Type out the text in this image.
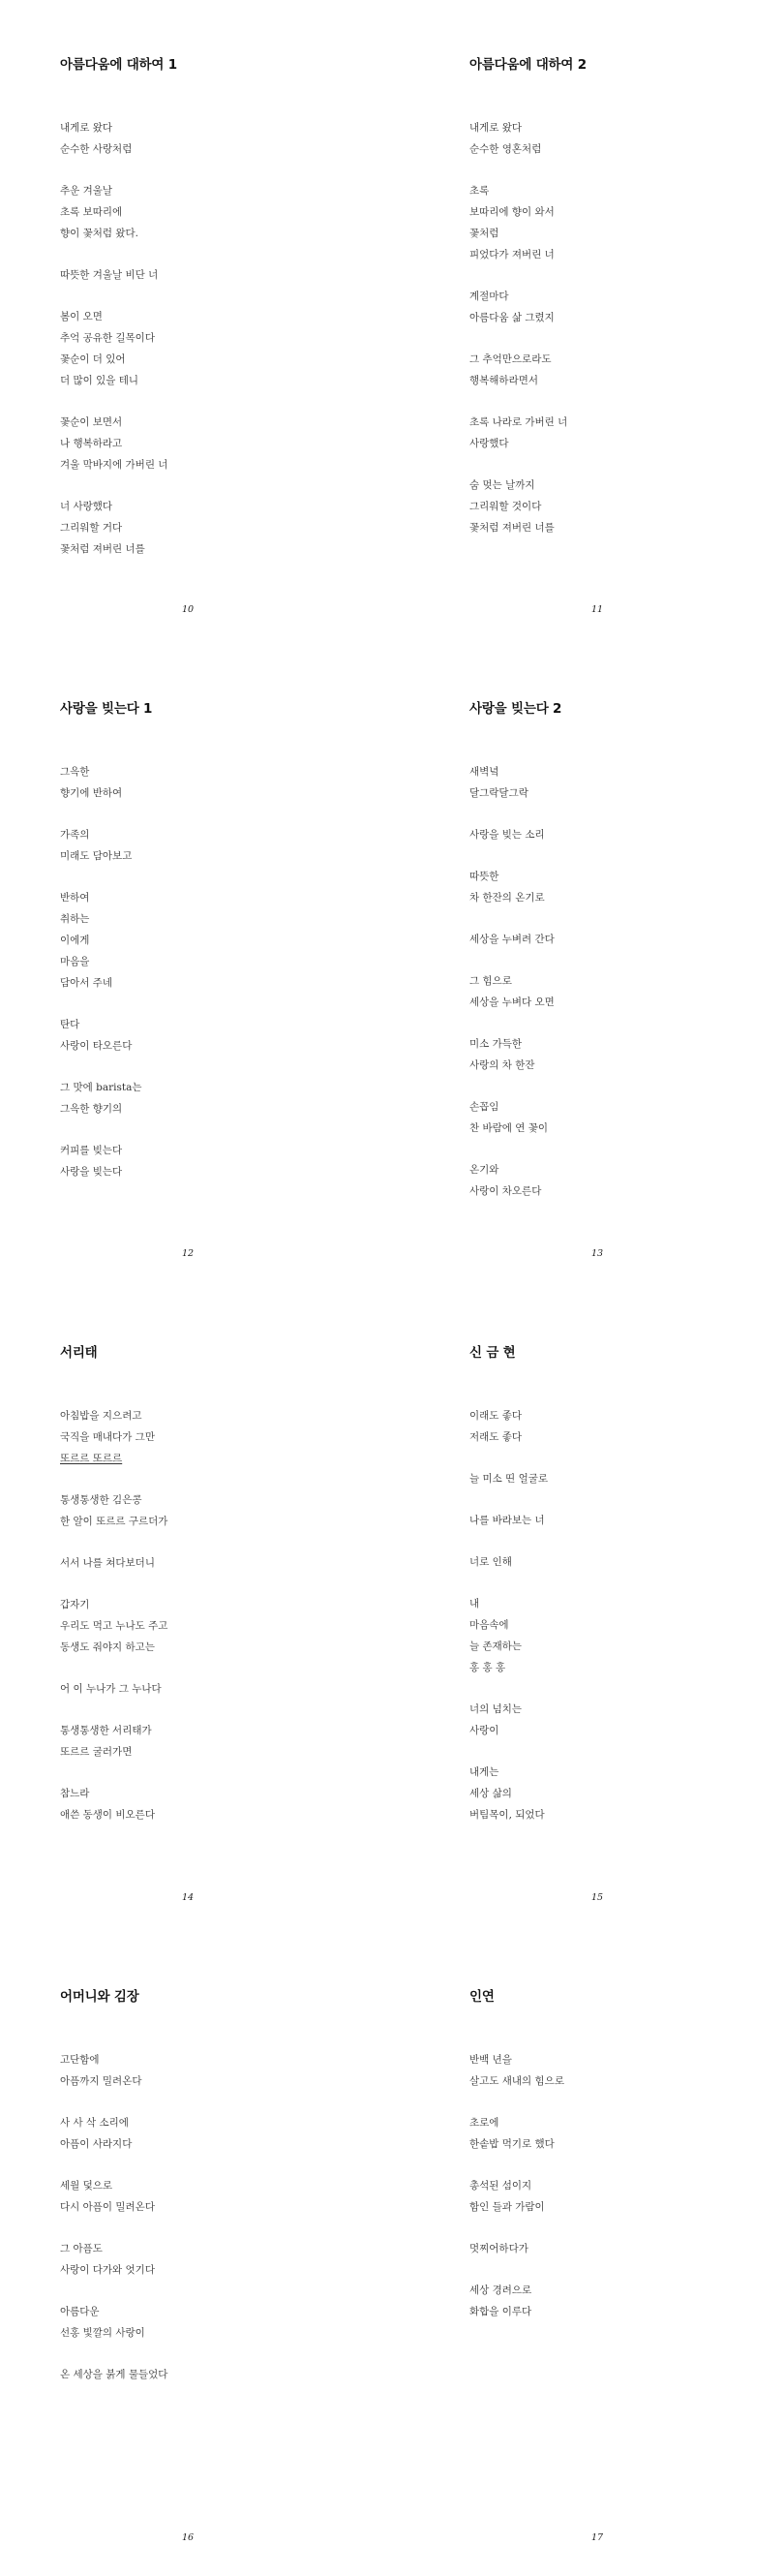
아름다움에 대하여 1
내게로 왔다
순수한 사랑처럼
추운 겨울날
초록 보따리에
향이 꽃처럼 왔다.
따뜻한 겨울날 비단 너
봄이 오면
추억 공유한 길목이다
꽃순이 더 있어
더 많이 있을 테니
꽃순이 보면서
나 행복하라고
겨울 막바지에 가버린 너
너 사랑했다
그리워할 거다
꽃처럼 져버린 너를
10
아름다움에 대하여 2
내게로 왔다
순수한 영혼처럼
초록
보따리에 향이 와서
꽃처럼
피었다가 져버린 너
계절마다
아름다움 삶 그렸지
그 추억만으로라도
행복해하라면서
초록 나라로 가버린 너
사랑했다
숨 멎는 날까지
그리워할 것이다
꽃처럼 져버린 너를
11
사랑을 빚는다 1
그윽한
향기에 반하여
가족의
미래도 담아보고
반하여
취하는
이에게
마음을
담아서 주네
탄다
사랑이 타오른다
그 맛에 barista는
그윽한 향기의
커피를 빚는다
사랑을 빚는다
12
사랑을 빚는다 2
새벽녘
달그락달그락
사랑을 빚는 소리
따뜻한
차 한잔의 온기로
세상을 누벼려 간다
그 힘으로
세상을 누벼다 오면
미소 가득한
사랑의 차 한잔
손꼽임
찬 바람에 연 꽃이
온기와
사랑이 차오른다
13
서리태
아침밥을 지으려고
국직을 매내다가 그만
또르르 또르르
통생통생한 김은콩
한 알이 또르르 구르더가
서서 나를 쳐다보더니
갑자기
우리도 먹고 누나도 주고
동생도 줘야지 하고는
어 이 누나가 그 누나다
통생통생한 서리태가
또르르 굴러가면
참느라
애쓴 동생이 비오른다
14
신 금 현
이래도 좋다
저래도 좋다
늘 미소 띤 얼굴로
나를 바라보는 너
너로 인해
내
마음속에
늘 존재하는
홍 홍 홍
너의 넘치는
사랑이
내게는
세상 삶의
버팀목이, 되었다
15
어머니와 김장
고단함에
아픔까지 밀려온다
사 사 삭 소리에
아픔이 사라지다
세월 덫으로
다시 아픔이 밀려온다
그 아픔도
사랑이 다가와 엇기다
아름다운
선홍 빛깔의 사랑이
온 세상을 붉게 물들었다
16
인연
반백 년을
살고도 새내의 힘으로
초로에
한솥밥 먹기로 했다
총석된 섬이지
함인 들과 가람이
멋찌어하다가
세상 경려으로
화합을 이루다
17
